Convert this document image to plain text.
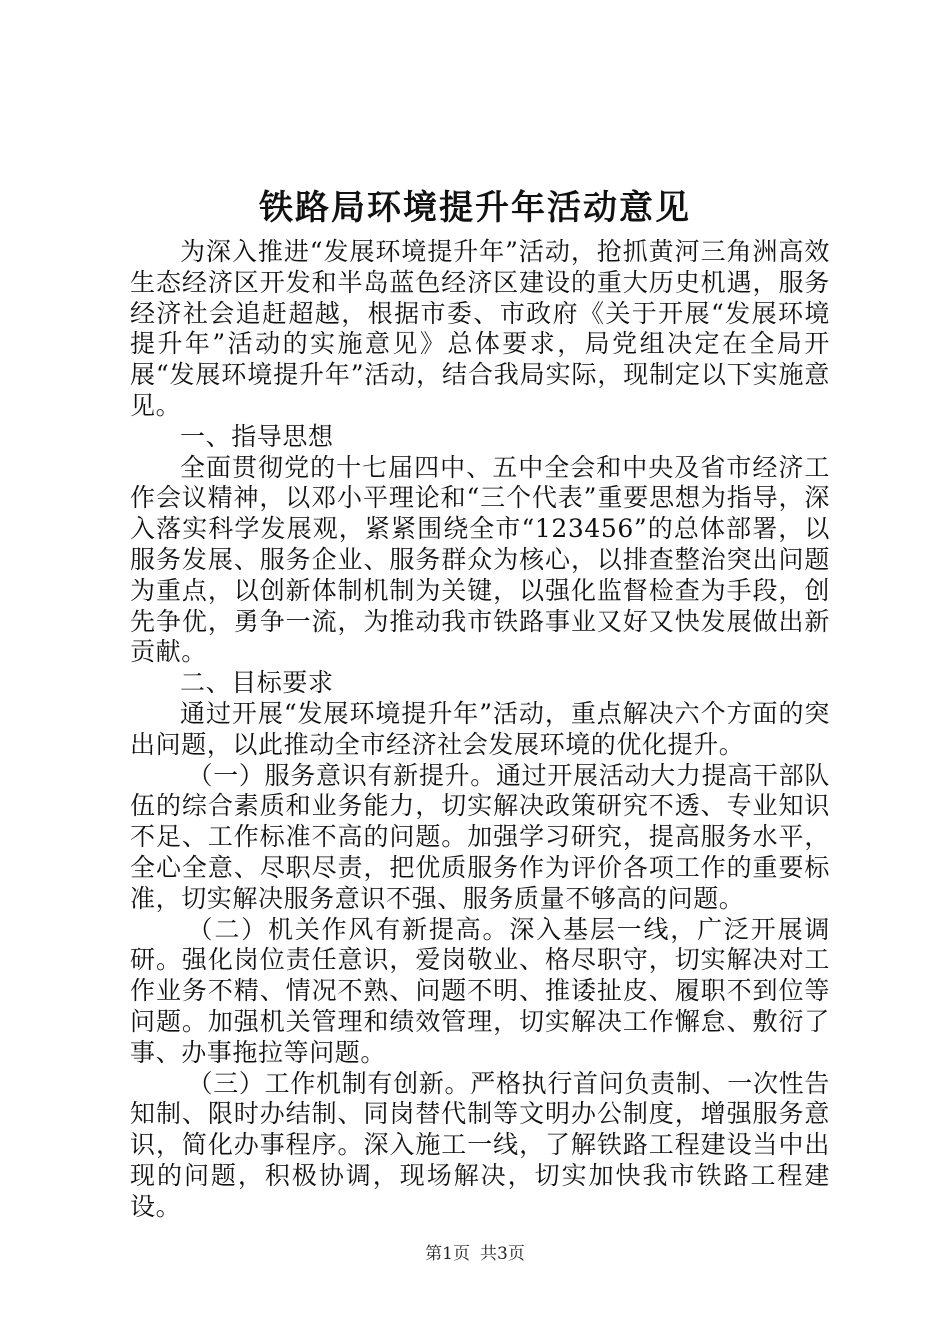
铁路局环境提升年活动意见

为深入推进“发展环境提升年”活动，抢抓黄河三角洲高效生态经济区开发和半岛蓝色经济区建设的重大历史机遇，服务经济社会追赶超越，根据市委、市政府《关于开展“发展环境提升年”活动的实施意见》总体要求，局党组决定在全局开展“发展环境提升年”活动，结合我局实际，现制定以下实施意见。

一、指导思想

全面贯彻党的十七届四中、五中全会和中央及省市经济工作会议精神，以邓小平理论和“三个代表”重要思想为指导，深入落实科学发展观，紧紧围绕全市“123456”的总体部署，以服务发展、服务企业、服务群众为核心，以排查整治突出问题为重点，以创新体制机制为关键，以强化监督检查为手段，创先争优，勇争一流，为推动我市铁路事业又好又快发展做出新贡献。

二、目标要求

通过开展“发展环境提升年”活动，重点解决六个方面的突出问题，以此推动全市经济社会发展环境的优化提升。

（一）服务意识有新提升。通过开展活动大力提高干部队伍的综合素质和业务能力，切实解决政策研究不透、专业知识不足、工作标准不高的问题。加强学习研究，提高服务水平，全心全意、尽职尽责，把优质服务作为评价各项工作的重要标准，切实解决服务意识不强、服务质量不够高的问题。

（二）机关作风有新提高。深入基层一线，广泛开展调研。强化岗位责任意识，爱岗敬业、格尽职守，切实解决对工作业务不精、情况不熟、问题不明、推诿扯皮、履职不到位等问题。加强机关管理和绩效管理，切实解决工作懈怠、敷衍了事、办事拖拉等问题。

（三）工作机制有创新。严格执行首问负责制、一次性告知制、限时办结制、同岗替代制等文明办公制度，增强服务意识，简化办事程序。深入施工一线，了解铁路工程建设当中出现的问题，积极协调，现场解决，切实加快我市铁路工程建设。

第1页 共3页
